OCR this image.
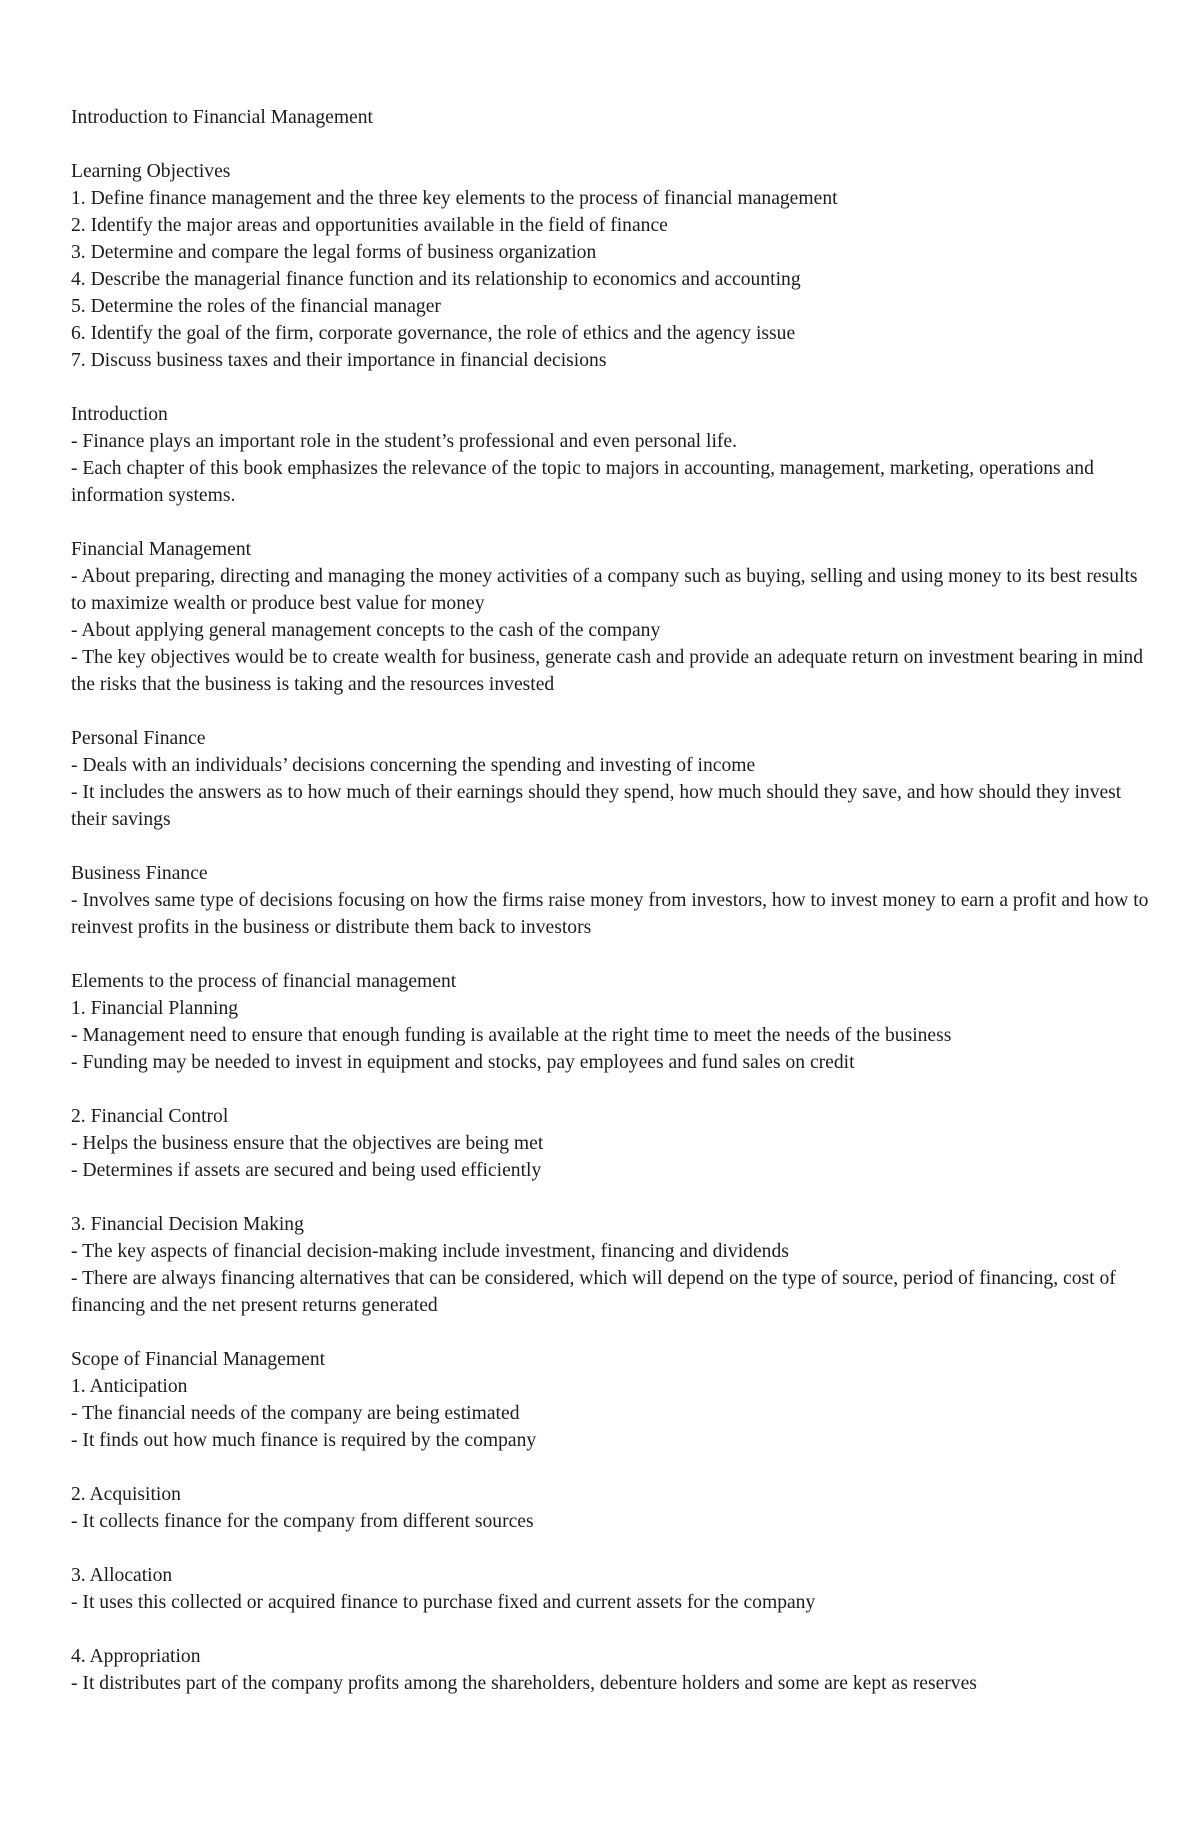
Introduction to Financial Management

Learning Objectives

1. Define finance management and the three key elements to the process of financial management

2. Identify the major areas and opportunities available in the field of finance

3. Determine and compare the legal forms of business organization

4. Describe the managerial finance function and its relationship to economics and accounting

5. Determine the roles of the financial manager

6. Identify the goal of the firm, corporate governance, the role of ethics and the agency issue

7. Discuss business taxes and their importance in financial decisions

Introduction

- Finance plays an important role in the student’s professional and even personal life.

- Each chapter of this book emphasizes the relevance of the topic to majors in accounting, management, marketing, operations and information systems.

Financial Management

- About preparing, directing and managing the money activities of a company such as buying, selling and using money to its best results to maximize wealth or produce best value for money

- About applying general management concepts to the cash of the company

- The key objectives would be to create wealth for business, generate cash and provide an adequate return on investment bearing in mind the risks that the business is taking and the resources invested

Personal Finance

- Deals with an individuals’ decisions concerning the spending and investing of income

- It includes the answers as to how much of their earnings should they spend, how much should they save, and how should they invest their savings

Business Finance

- Involves same type of decisions focusing on how the firms raise money from investors, how to invest money to earn a profit and how to reinvest profits in the business or distribute them back to investors

Elements to the process of financial management

1. Financial Planning

- Management need to ensure that enough funding is available at the right time to meet the needs of the business

- Funding may be needed to invest in equipment and stocks, pay employees and fund sales on credit

2. Financial Control

- Helps the business ensure that the objectives are being met

- Determines if assets are secured and being used efficiently

3. Financial Decision Making

- The key aspects of financial decision-making include investment, financing and dividends

- There are always financing alternatives that can be considered, which will depend on the type of source, period of financing, cost of financing and the net present returns generated

Scope of Financial Management

1. Anticipation

- The financial needs of the company are being estimated

- It finds out how much finance is required by the company

2. Acquisition

- It collects finance for the company from different sources

3. Allocation

- It uses this collected or acquired finance to purchase fixed and current assets for the company

4. Appropriation

- It distributes part of the company profits among the shareholders, debenture holders and some are kept as reserves
